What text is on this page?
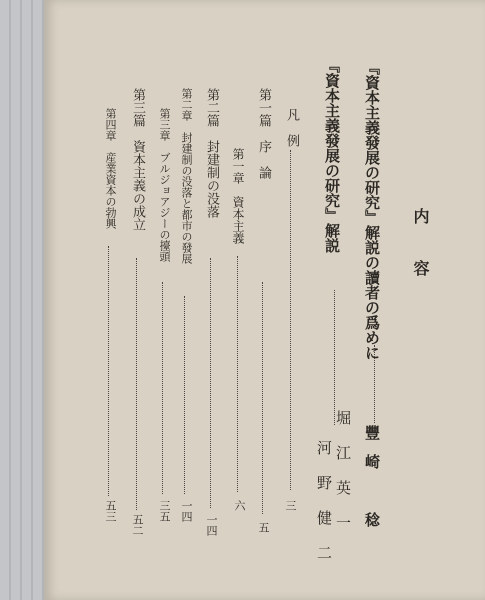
内　容
『資本主義發展の研究』解説の讀者の爲めに
豐崎　稔
『資本主義發展の研究』解説
堀江英一
河野健二
凡　例
三
第一篇　序　論
五
第一章　資本主義
六
第二篇　封建制の没落
一四
第二章　封建制の没落と都市の發展
一四
第三章　ブルジョアジーの擡頭
三五
第三篇　資本主義の成立
五二
第四章　産業資本の勃興
五三
